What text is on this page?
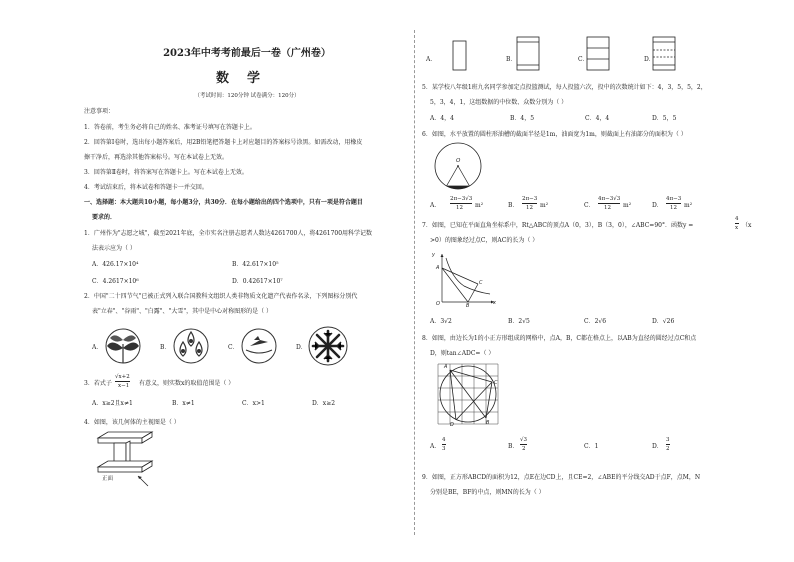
2023年中考考前最后一卷（广州卷）
数学
（考试时间：120分钟 试卷满分：120分）
注意事项：
1．答卷前，考生务必将自己的姓名、准考证号填写在答题卡上。
2．回答第Ⅰ卷时，选出每小题答案后，用2B铅笔把答题卡上对应题目的答案标号涂黑。如需改动，用橡皮
擦干净后，再选涂其他答案标号。写在本试卷上无效。
3．回答第Ⅱ卷时，将答案写在答题卡上。写在本试卷上无效。
4．考试结束后，将本试卷和答题卡一并交回。
一、选择题：本大题共10小题，每小题3分，共30分．在每小题给出的四个选项中，只有一项是符合题目
要求的．
1．广州作为"志愿之城"，截至2021年底，全市实名注册志愿者人数达4261700人，将4261700用科学记数
法表示应为（ ）
A．426.17×10⁴	B．42.617×10⁵
C．4.2617×10⁶	D．0.42617×10⁷
2．中国"二十四节气"已被正式列入联合国教科文组织人类非物质文化遗产代表作名录，下列图标分别代
表"立春"、"谷雨"、"白露"、"大雪"，其中是中心对称图形的是（ ）
A．	B．	C．	D．
3．若式子
√x+2
x−1 有意义，则实数x的取值范围是（ ）
A．x≥2且x≠1	B．x≠1	C．x>1	D．x≥2
4．如图，该几何体的主视图是（ ）
正面
A．	B．	C．	D．
5．某学校八年级1班九名同学参加定点投篮测试，每人投篮六次，投中的次数统计如下：4，3，5，5，2，
5，3，4，1，这组数据的中位数、众数分别为（ ）
A．4，4	B．4，5	C．4，4	D．5，5
6．如图，水平放置的圆柱形油槽的截面半径是1m，油面宽为1m，则截面上有油部分的面积为（ ）
O
A．
2π−3√3
12 m²	B．
2π−3
12 m²	C．
4π−3√3
12 m²	D．
4π−3
12 m²
7．如图，已知在平面直角坐标系中，Rt△ABC的顶点A（0，3），B（3，0），∠ABC=90°．函数y =
4
x （x
>0）的图象经过点C，则AC的长为（ ）
y
A
C
B
O	x
A．3√2	B．2√5	C．2√6	D．√26
8．如图，由边长为1的小正方形组成的网格中，点A，B，C都在格点上，以AB为直径的圆经过点C和点
D，则tan∠ADC=（ ）
A
C
B
D
A．
4
3	B．
√3
2	C．1	D．
3
2
9．如图，正方形ABCD的面积为12，点E在边CD上，且CE=2，∠ABE的平分线交AD于点F，点M，N
分别是BE，BF的中点，则MN的长为（ ）
